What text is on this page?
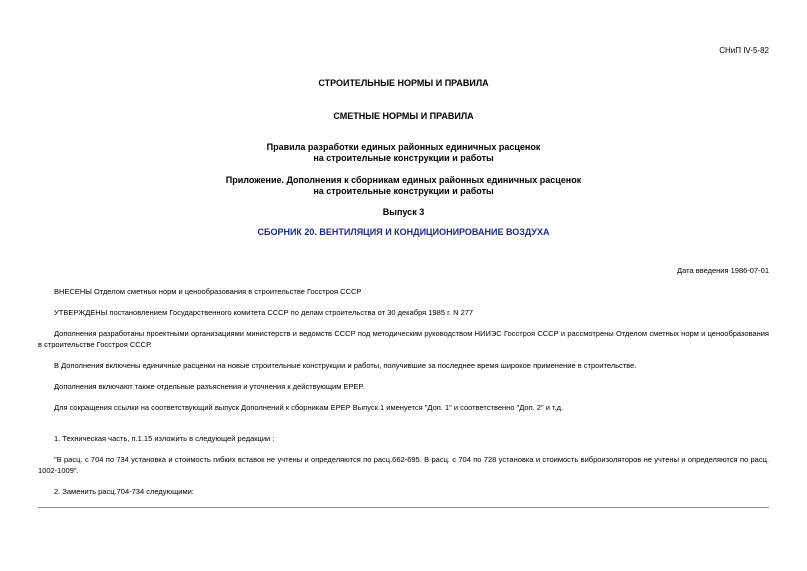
СНиП IV-5-82
СТРОИТЕЛЬНЫЕ НОРМЫ И ПРАВИЛА
СМЕТНЫЕ НОРМЫ И ПРАВИЛА
Правила разработки единых районных единичных расценок
на строительные конструкции и работы
Приложение. Дополнения к сборникам единых районных единичных расценок
на строительные конструкции и работы
Выпуск 3
СБОРНИК 20. ВЕНТИЛЯЦИЯ И КОНДИЦИОНИРОВАНИЕ ВОЗДУХА
Дата введения 1986-07-01
ВНЕСЕНЫ Отделом сметных норм и ценообразования в строительстве Госстроя СССР
УТВЕРЖДЕНЫ постановлением Государственного комитета СССР по делам строительства от 30 декабря 1985 г. N 277
Дополнения разработаны проектными организациями министерств и ведомств СССР под методическим руководством НИИЭС Госстроя СССР и рассмотрены Отделом сметных норм и ценообразования в строительстве Госстроя СССР.
В Дополнения включены единичные расценки на новые строительные конструкции и работы, получившие за последнее время широкое применение в строительстве.
Дополнения включают также отдельные разъяснения и уточнения к действующим ЕРЕР.
Для сокращения ссылки на соответствующий выпуск Дополнений к сборникам ЕРЕР Выпуск 1 именуется "Доп. 1" и соответственно "Доп. 2" и т.д.
1. Техническая часть, п.1.15 изложить в следующей редакции :
"В расц. с 704 по 734 установка и стоимость гибких вставок не учтены и определяются по расц.662-695. В расц. с 704 по 728 установка и стоимость виброизоляторов не учтены и определяются по расц. 1002-1009".
2. Заменить расц.704-734 следующими:
